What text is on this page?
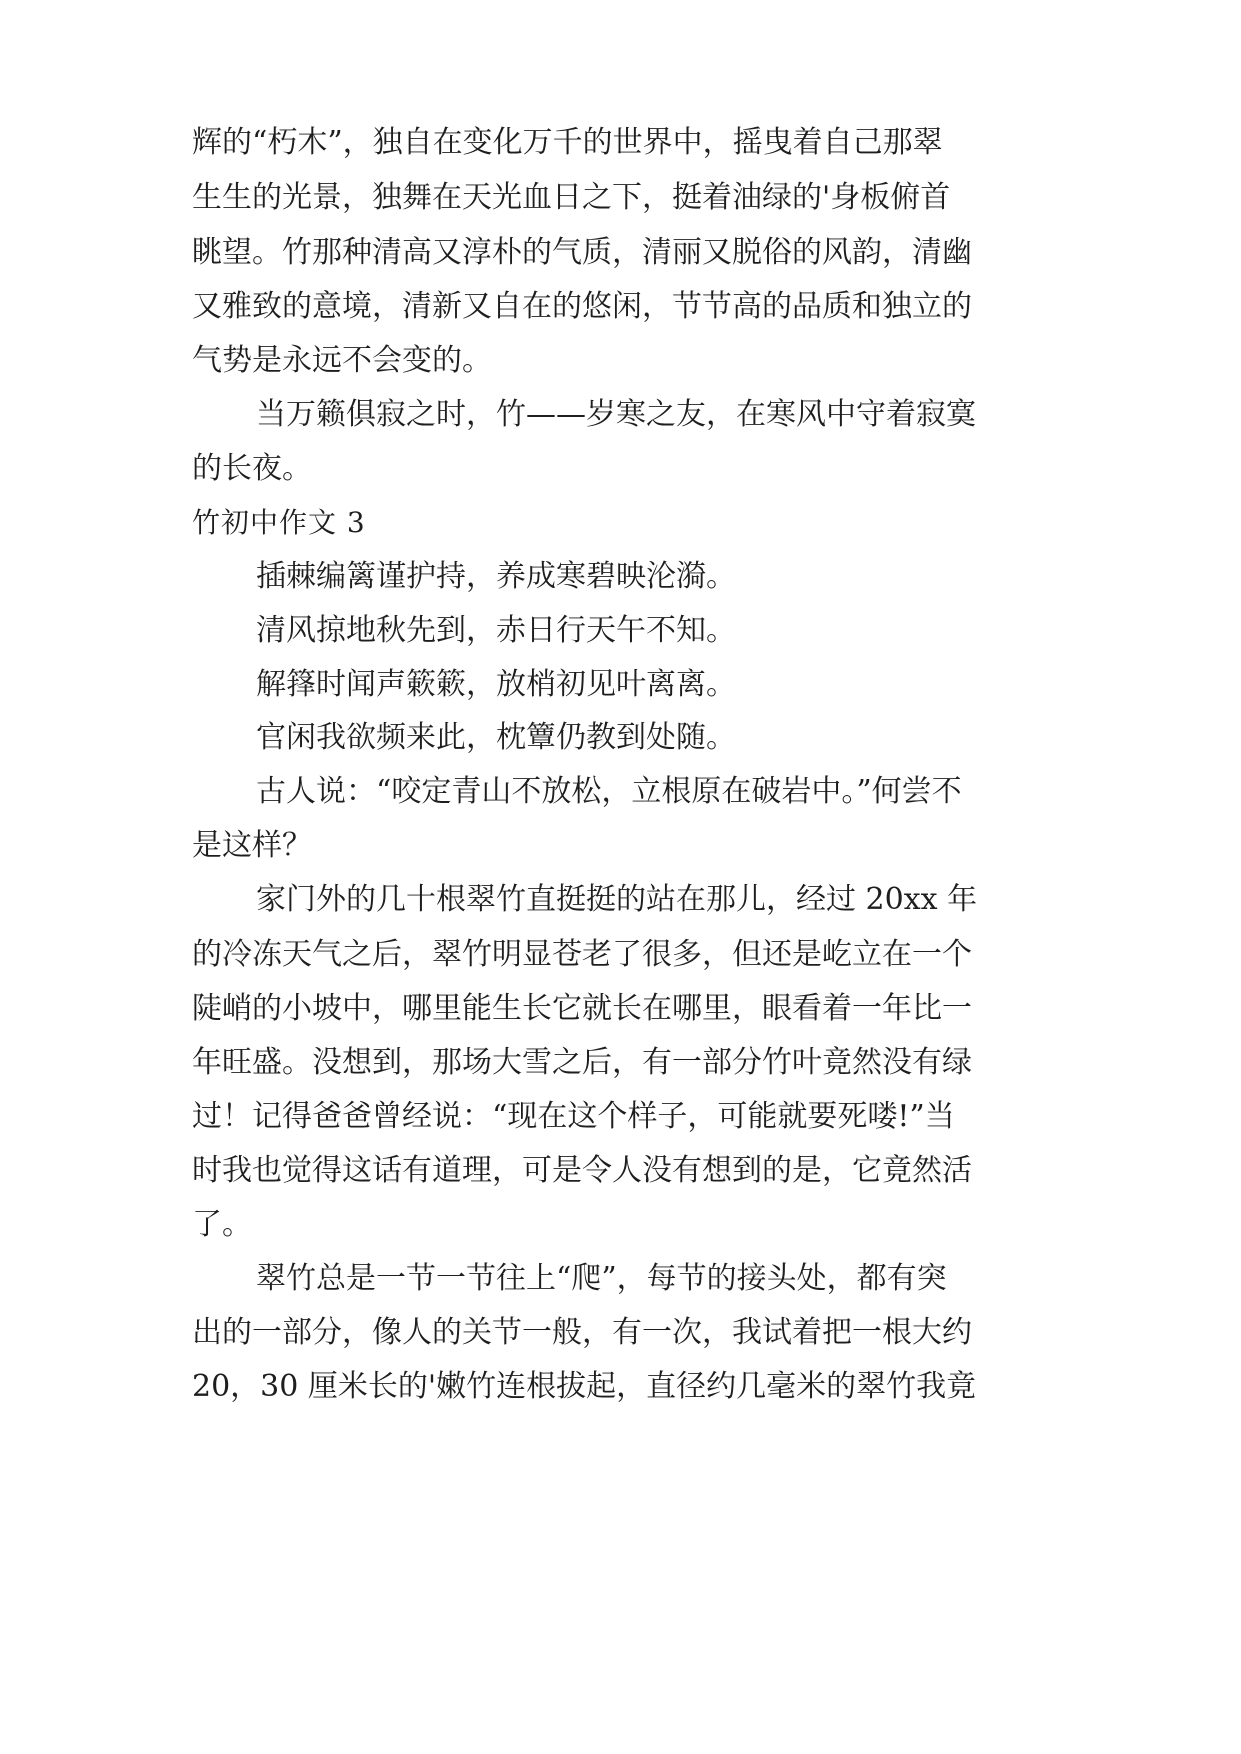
辉的“朽木”，独自在变化万千的世界中，摇曳着自己那翠
生生的光景，独舞在天光血日之下，挺着油绿的'身板俯首
眺望。竹那种清高又淳朴的气质，清丽又脱俗的风韵，清幽
又雅致的意境，清新又自在的悠闲，节节高的品质和独立的
气势是永远不会变的。
当万籁俱寂之时，竹——岁寒之友，在寒风中守着寂寞
的长夜。
竹初中作文 3
插棘编篱谨护持，养成寒碧映沦漪。
清风掠地秋先到，赤日行天午不知。
解箨时闻声簌簌，放梢初见叶离离。
官闲我欲频来此，枕簟仍教到处随。
古人说：“咬定青山不放松，立根原在破岩中。”何尝不
是这样？
家门外的几十根翠竹直挺挺的站在那儿，经过 20xx 年
的冷冻天气之后，翠竹明显苍老了很多，但还是屹立在一个
陡峭的小坡中，哪里能生长它就长在哪里，眼看着一年比一
年旺盛。没想到，那场大雪之后，有一部分竹叶竟然没有绿
过！记得爸爸曾经说：“现在这个样子，可能就要死喽!”当
时我也觉得这话有道理，可是令人没有想到的是，它竟然活
了。
翠竹总是一节一节往上“爬”，每节的接头处，都有突
出的一部分，像人的关节一般，有一次，我试着把一根大约
20，30 厘米长的'嫩竹连根拔起，直径约几毫米的翠竹我竟
